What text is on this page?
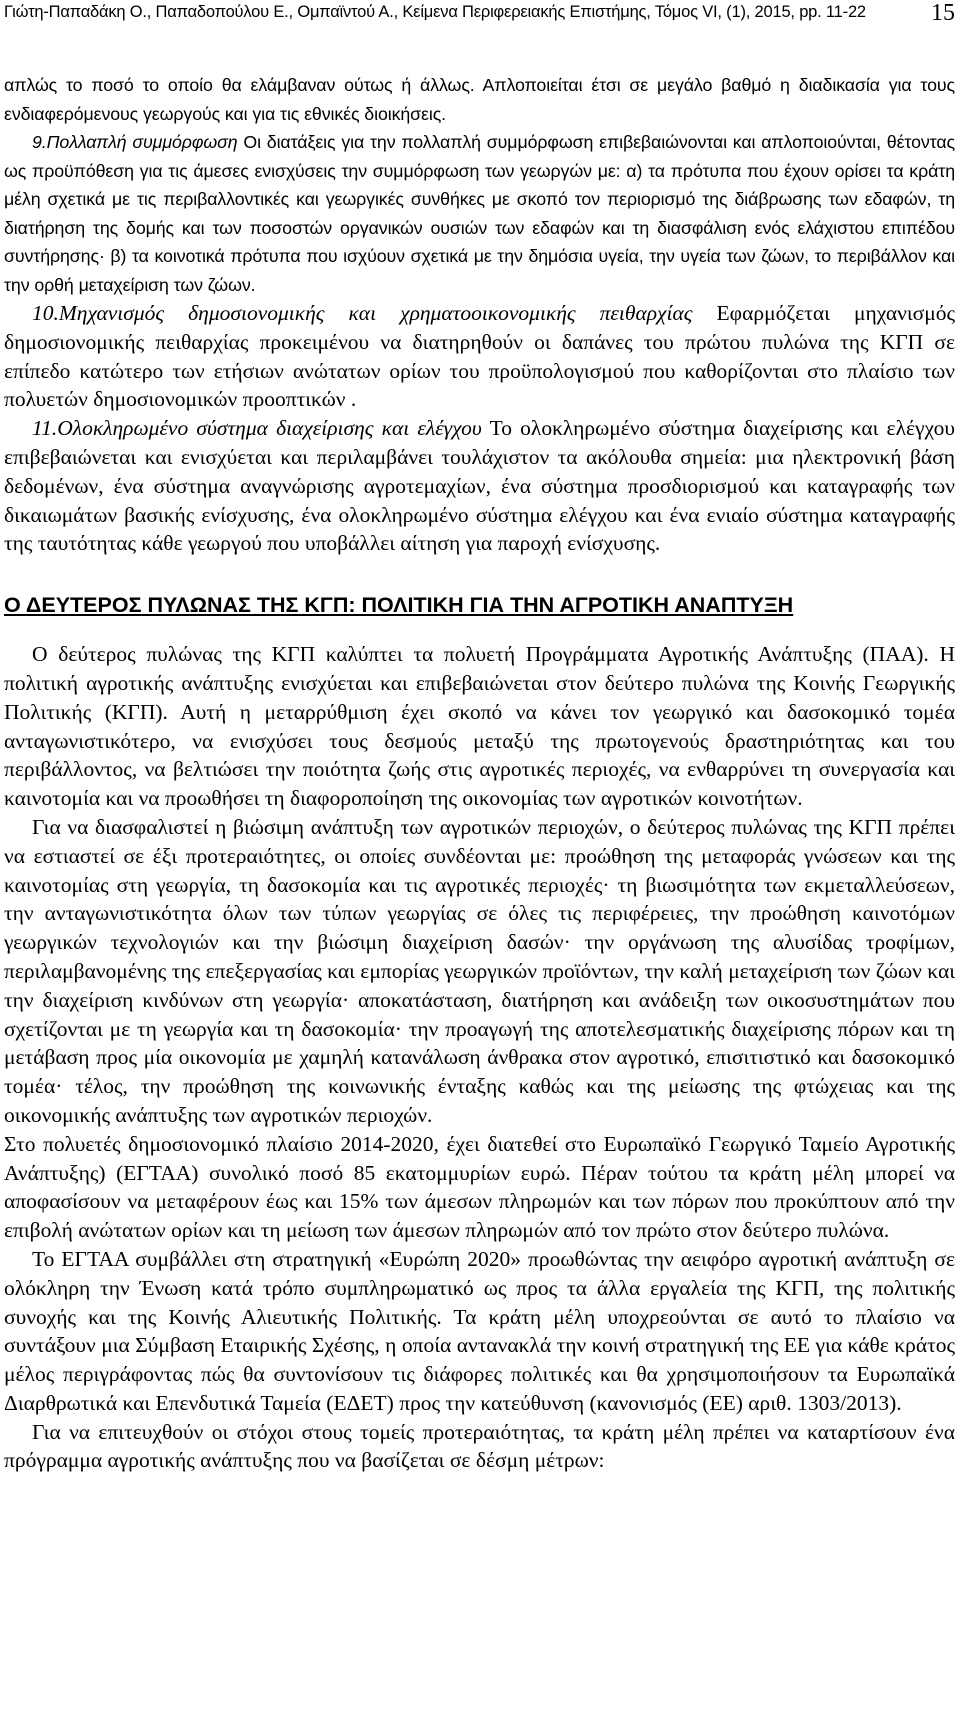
Γιώτη-Παπαδάκη Ο., Παπαδοπούλου Ε., Ομπαϊντού Α., Κείμενα Περιφερειακής Επιστήμης, Τόμος VI, (1), 2015, pp. 11-22	15

απλώς το ποσό το οποίο θα ελάμβαναν ούτως ή άλλως. Απλοποιείται έτσι σε μεγάλο βαθμό η διαδικασία για τους ενδιαφερόμενους γεωργούς και για τις εθνικές διοικήσεις.

9.Πολλαπλή συμμόρφωση Οι διατάξεις για την πολλαπλή συμμόρφωση επιβεβαιώνονται και απλοποιούνται, θέτοντας ως προϋπόθεση για τις άμεσες ενισχύσεις την συμμόρφωση των γεωργών με: α) τα πρότυπα που έχουν ορίσει τα κράτη μέλη σχετικά με τις περιβαλλοντικές και γεωργικές συνθήκες με σκοπό τον περιορισμό της διάβρωσης των εδαφών, τη διατήρηση της δομής και των ποσοστών οργανικών ουσιών των εδαφών και τη διασφάλιση ενός ελάχιστου επιπέδου συντήρησης· β) τα κοινοτικά πρότυπα που ισχύουν σχετικά με την δημόσια υγεία, την υγεία των ζώων, το περιβάλλον και την ορθή μεταχείριση των ζώων.

10.Μηχανισμός δημοσιονομικής και χρηματοοικονομικής πειθαρχίας Εφαρμόζεται μηχανισμός δημοσιονομικής πειθαρχίας προκειμένου να διατηρηθούν οι δαπάνες του πρώτου πυλώνα της ΚΓΠ σε επίπεδο κατώτερο των ετήσιων ανώτατων ορίων του προϋπολογισμού που καθορίζονται στο πλαίσιο των πολυετών δημοσιονομικών προοπτικών .

11.Ολοκληρωμένο σύστημα διαχείρισης και ελέγχου Το ολοκληρωμένο σύστημα διαχείρισης και ελέγχου επιβεβαιώνεται και ενισχύεται και περιλαμβάνει τουλάχιστον τα ακόλουθα σημεία: μια ηλεκτρονική βάση δεδομένων, ένα σύστημα αναγνώρισης αγροτεμαχίων, ένα σύστημα προσδιορισμού και καταγραφής των δικαιωμάτων βασικής ενίσχυσης, ένα ολοκληρωμένο σύστημα ελέγχου και ένα ενιαίο σύστημα καταγραφής της ταυτότητας κάθε γεωργού που υποβάλλει αίτηση για παροχή ενίσχυσης.

Ο ΔΕΥΤΕΡΟΣ ΠΥΛΩΝΑΣ ΤΗΣ ΚΓΠ: ΠΟΛΙΤΙΚΗ ΓΙΑ ΤΗΝ ΑΓΡΟΤΙΚΗ ΑΝΑΠΤΥΞΗ

Ο δεύτερος πυλώνας της ΚΓΠ καλύπτει τα πολυετή Προγράμματα Αγροτικής Ανάπτυξης (ΠΑΑ). Η πολιτική αγροτικής ανάπτυξης ενισχύεται και επιβεβαιώνεται στον δεύτερο πυλώνα της Κοινής Γεωργικής Πολιτικής (ΚΓΠ). Αυτή η μεταρρύθμιση έχει σκοπό να κάνει τον γεωργικό και δασοκομικό τομέα ανταγωνιστικότερο, να ενισχύσει τους δεσμούς μεταξύ της πρωτογενούς δραστηριότητας και του περιβάλλοντος, να βελτιώσει την ποιότητα ζωής στις αγροτικές περιοχές, να ενθαρρύνει τη συνεργασία και καινοτομία και να προωθήσει τη διαφοροποίηση της οικονομίας των αγροτικών κοινοτήτων.

Για να διασφαλιστεί η βιώσιμη ανάπτυξη των αγροτικών περιοχών, ο δεύτερος πυλώνας της ΚΓΠ πρέπει να εστιαστεί σε έξι προτεραιότητες, οι οποίες συνδέονται με: προώθηση της μεταφοράς γνώσεων και της καινοτομίας στη γεωργία, τη δασοκομία και τις αγροτικές περιοχές· τη βιωσιμότητα των εκμεταλλεύσεων, την ανταγωνιστικότητα όλων των τύπων γεωργίας σε όλες τις περιφέρειες, την προώθηση καινοτόμων γεωργικών τεχνολογιών και την βιώσιμη διαχείριση δασών· την οργάνωση της αλυσίδας τροφίμων, περιλαμβανομένης της επεξεργασίας και εμπορίας γεωργικών προϊόντων, την καλή μεταχείριση των ζώων και την διαχείριση κινδύνων στη γεωργία· αποκατάσταση, διατήρηση και ανάδειξη των οικοσυστημάτων που σχετίζονται με τη γεωργία και τη δασοκομία· την προαγωγή της αποτελεσματικής διαχείρισης πόρων και τη μετάβαση προς μία οικονομία με χαμηλή κατανάλωση άνθρακα στον αγροτικό, επισιτιστικό και δασοκομικό τομέα· τέλος, την προώθηση της κοινωνικής ένταξης καθώς και της μείωσης της φτώχειας και της οικονομικής ανάπτυξης των αγροτικών περιοχών.

Στο πολυετές δημοσιονομικό πλαίσιο 2014-2020, έχει διατεθεί στο Ευρωπαϊκό Γεωργικό Ταμείο Αγροτικής Ανάπτυξης) (ΕΓΤΑΑ) συνολικό ποσό 85 εκατομμυρίων ευρώ. Πέραν τούτου τα κράτη μέλη μπορεί να αποφασίσουν να μεταφέρουν έως και 15% των άμεσων πληρωμών και των πόρων που προκύπτουν από την επιβολή ανώτατων ορίων και τη μείωση των άμεσων πληρωμών από τον πρώτο στον δεύτερο πυλώνα.

Το ΕΓΤΑΑ συμβάλλει στη στρατηγική «Ευρώπη 2020» προωθώντας την αειφόρο αγροτική ανάπτυξη σε ολόκληρη την Ένωση κατά τρόπο συμπληρωματικό ως προς τα άλλα εργαλεία της ΚΓΠ, της πολιτικής συνοχής και της Κοινής Αλιευτικής Πολιτικής. Τα κράτη μέλη υποχρεούνται σε αυτό το πλαίσιο να συντάξουν μια Σύμβαση Εταιρικής Σχέσης, η οποία αντανακλά την κοινή στρατηγική της ΕΕ για κάθε κράτος μέλος περιγράφοντας πώς θα συντονίσουν τις διάφορες πολιτικές και θα χρησιμοποιήσουν τα Ευρωπαϊκά Διαρθρωτικά και Επενδυτικά Ταμεία (ΕΔΕΤ) προς την κατεύθυνση (κανονισμός (ΕΕ) αριθ. 1303/2013).

Για να επιτευχθούν οι στόχοι στους τομείς προτεραιότητας, τα κράτη μέλη πρέπει να καταρτίσουν ένα πρόγραμμα αγροτικής ανάπτυξης που να βασίζεται σε δέσμη μέτρων:
